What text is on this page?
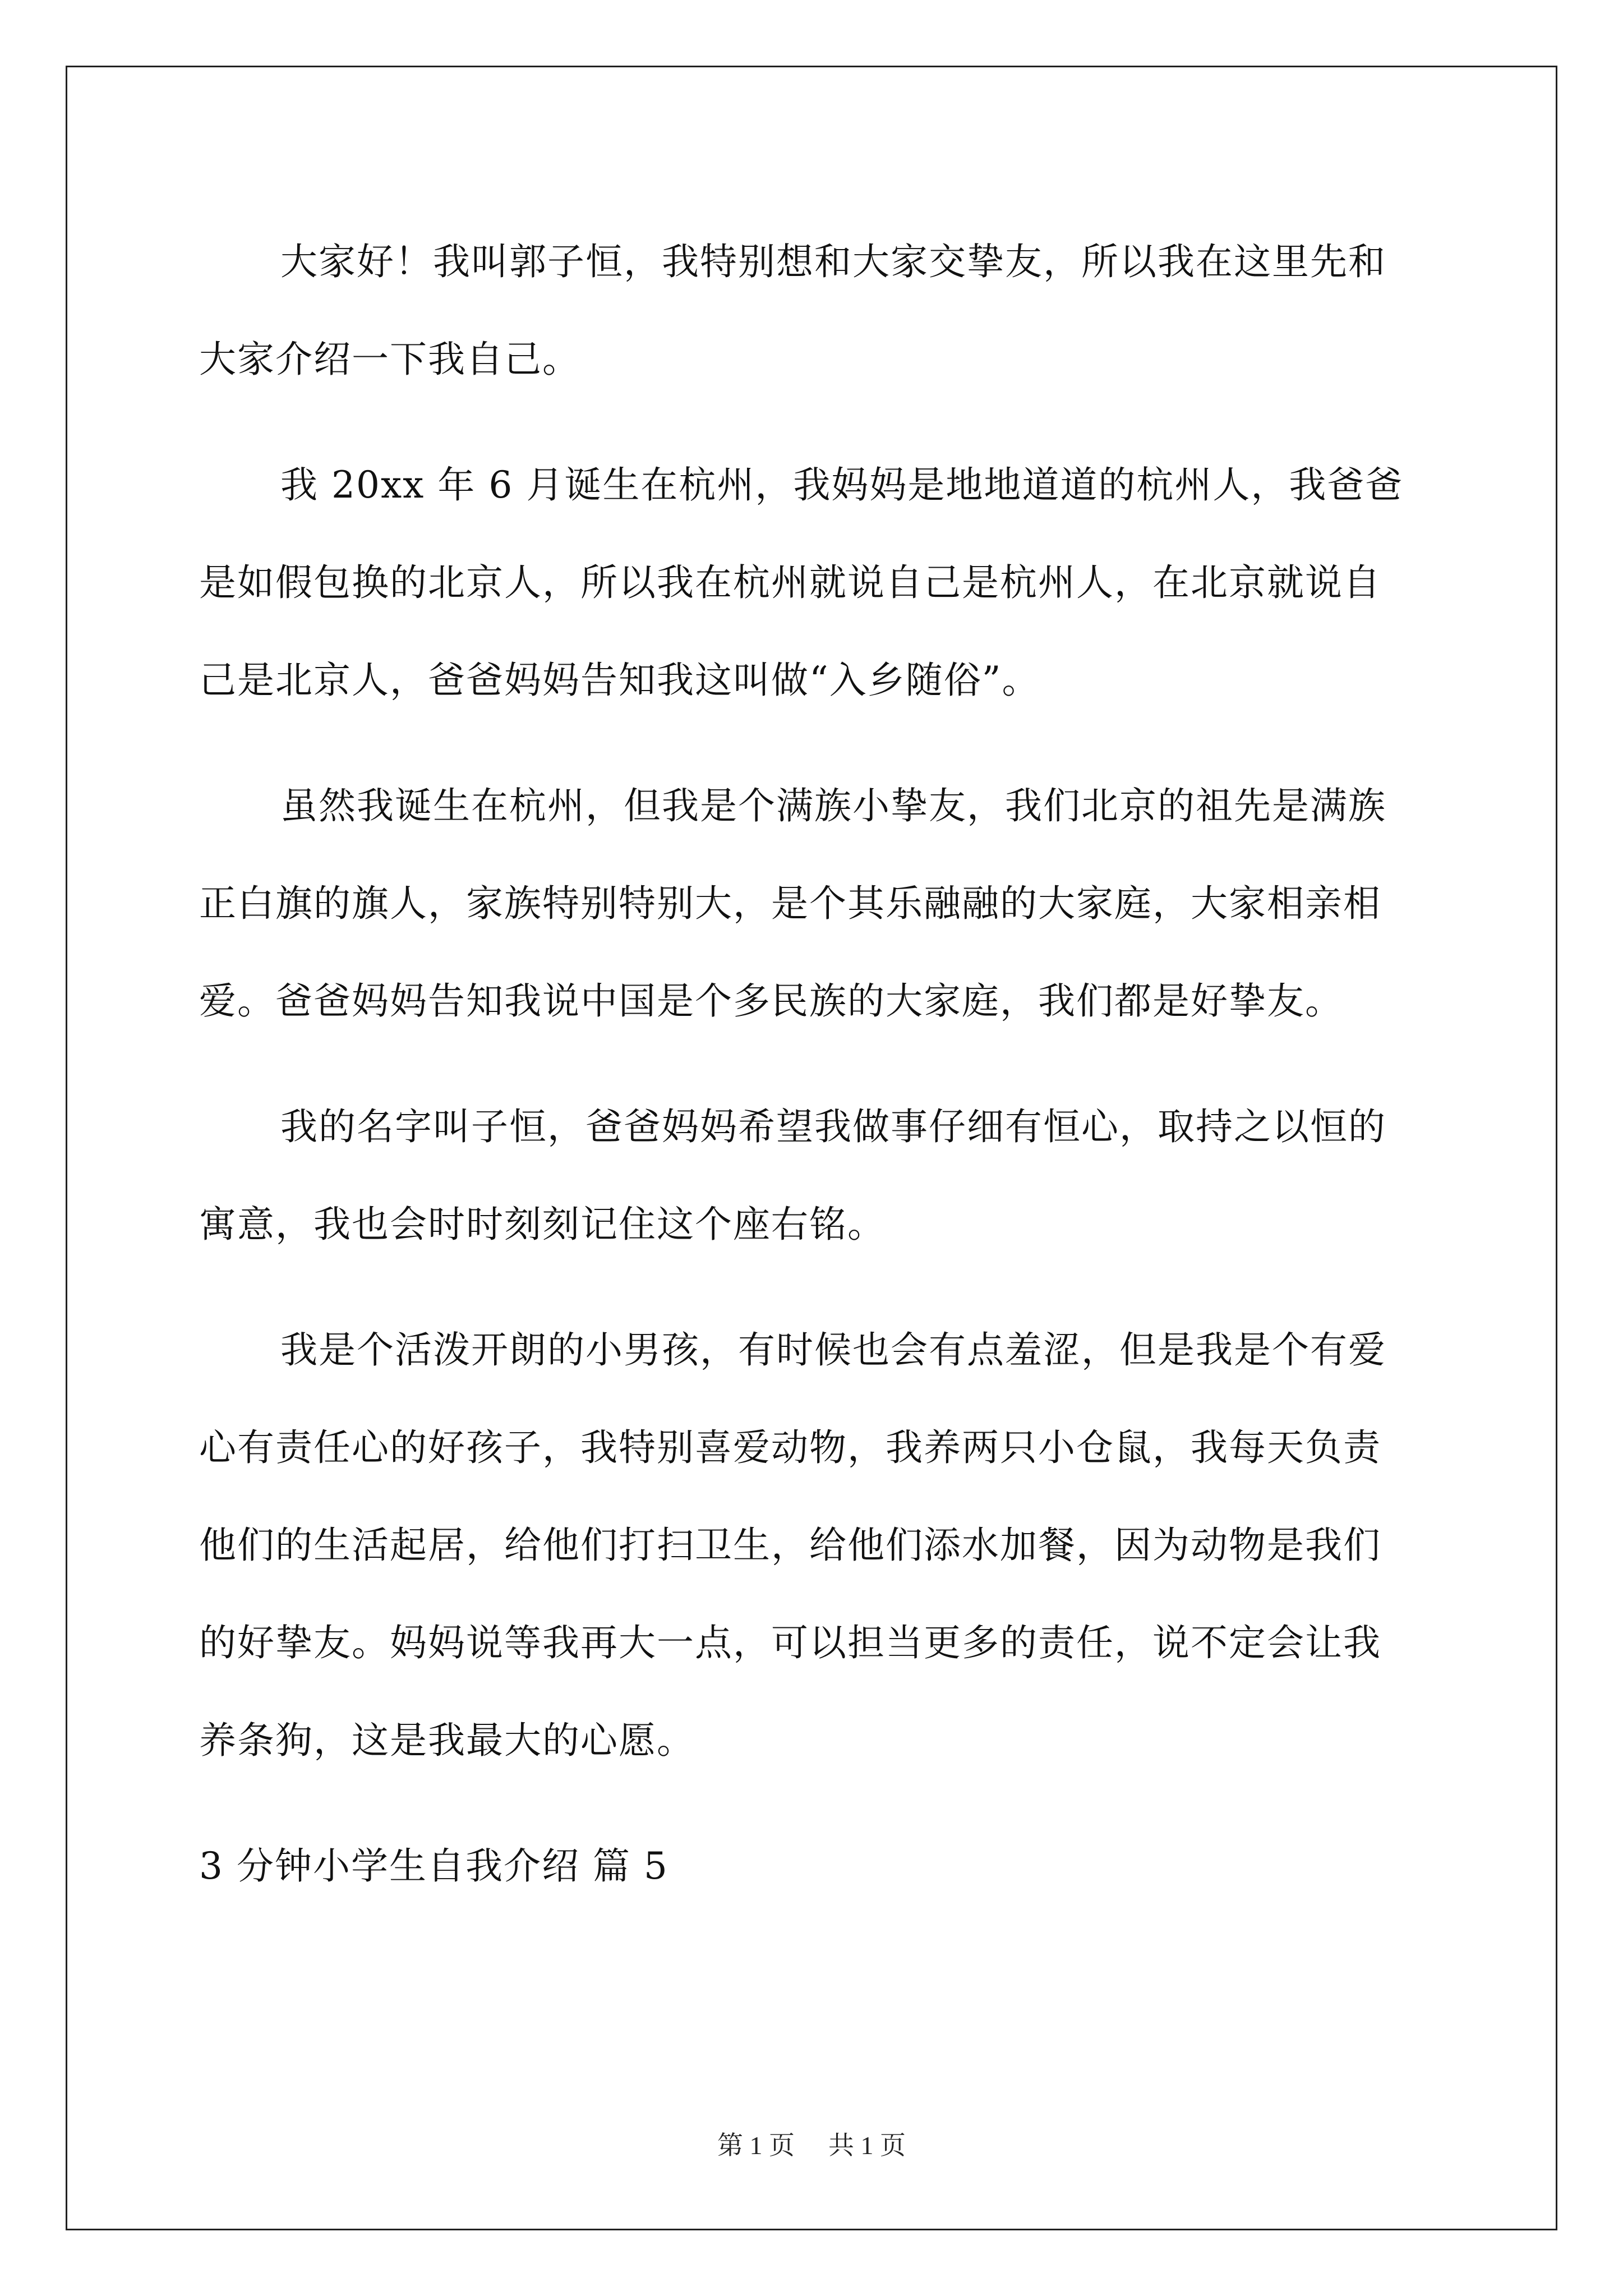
大家好！我叫郭子恒，我特别想和大家交挚友，所以我在这里先和大家介绍一下我自己。

我 20xx 年 6 月诞生在杭州，我妈妈是地地道道的杭州人，我爸爸是如假包换的北京人，所以我在杭州就说自己是杭州人，在北京就说自己是北京人，爸爸妈妈告知我这叫做“入乡随俗”。

虽然我诞生在杭州，但我是个满族小挚友，我们北京的祖先是满族正白旗的旗人，家族特别特别大，是个其乐融融的大家庭，大家相亲相爱。爸爸妈妈告知我说中国是个多民族的大家庭，我们都是好挚友。

我的名字叫子恒，爸爸妈妈希望我做事仔细有恒心，取持之以恒的寓意，我也会时时刻刻记住这个座右铭。

我是个活泼开朗的小男孩，有时候也会有点羞涩，但是我是个有爱心有责任心的好孩子，我特别喜爱动物，我养两只小仓鼠，我每天负责他们的生活起居，给他们打扫卫生，给他们添水加餐，因为动物是我们的好挚友。妈妈说等我再大一点，可以担当更多的责任，说不定会让我养条狗，这是我最大的心愿。

3 分钟小学生自我介绍 篇 5

第 1 页 共 1 页
